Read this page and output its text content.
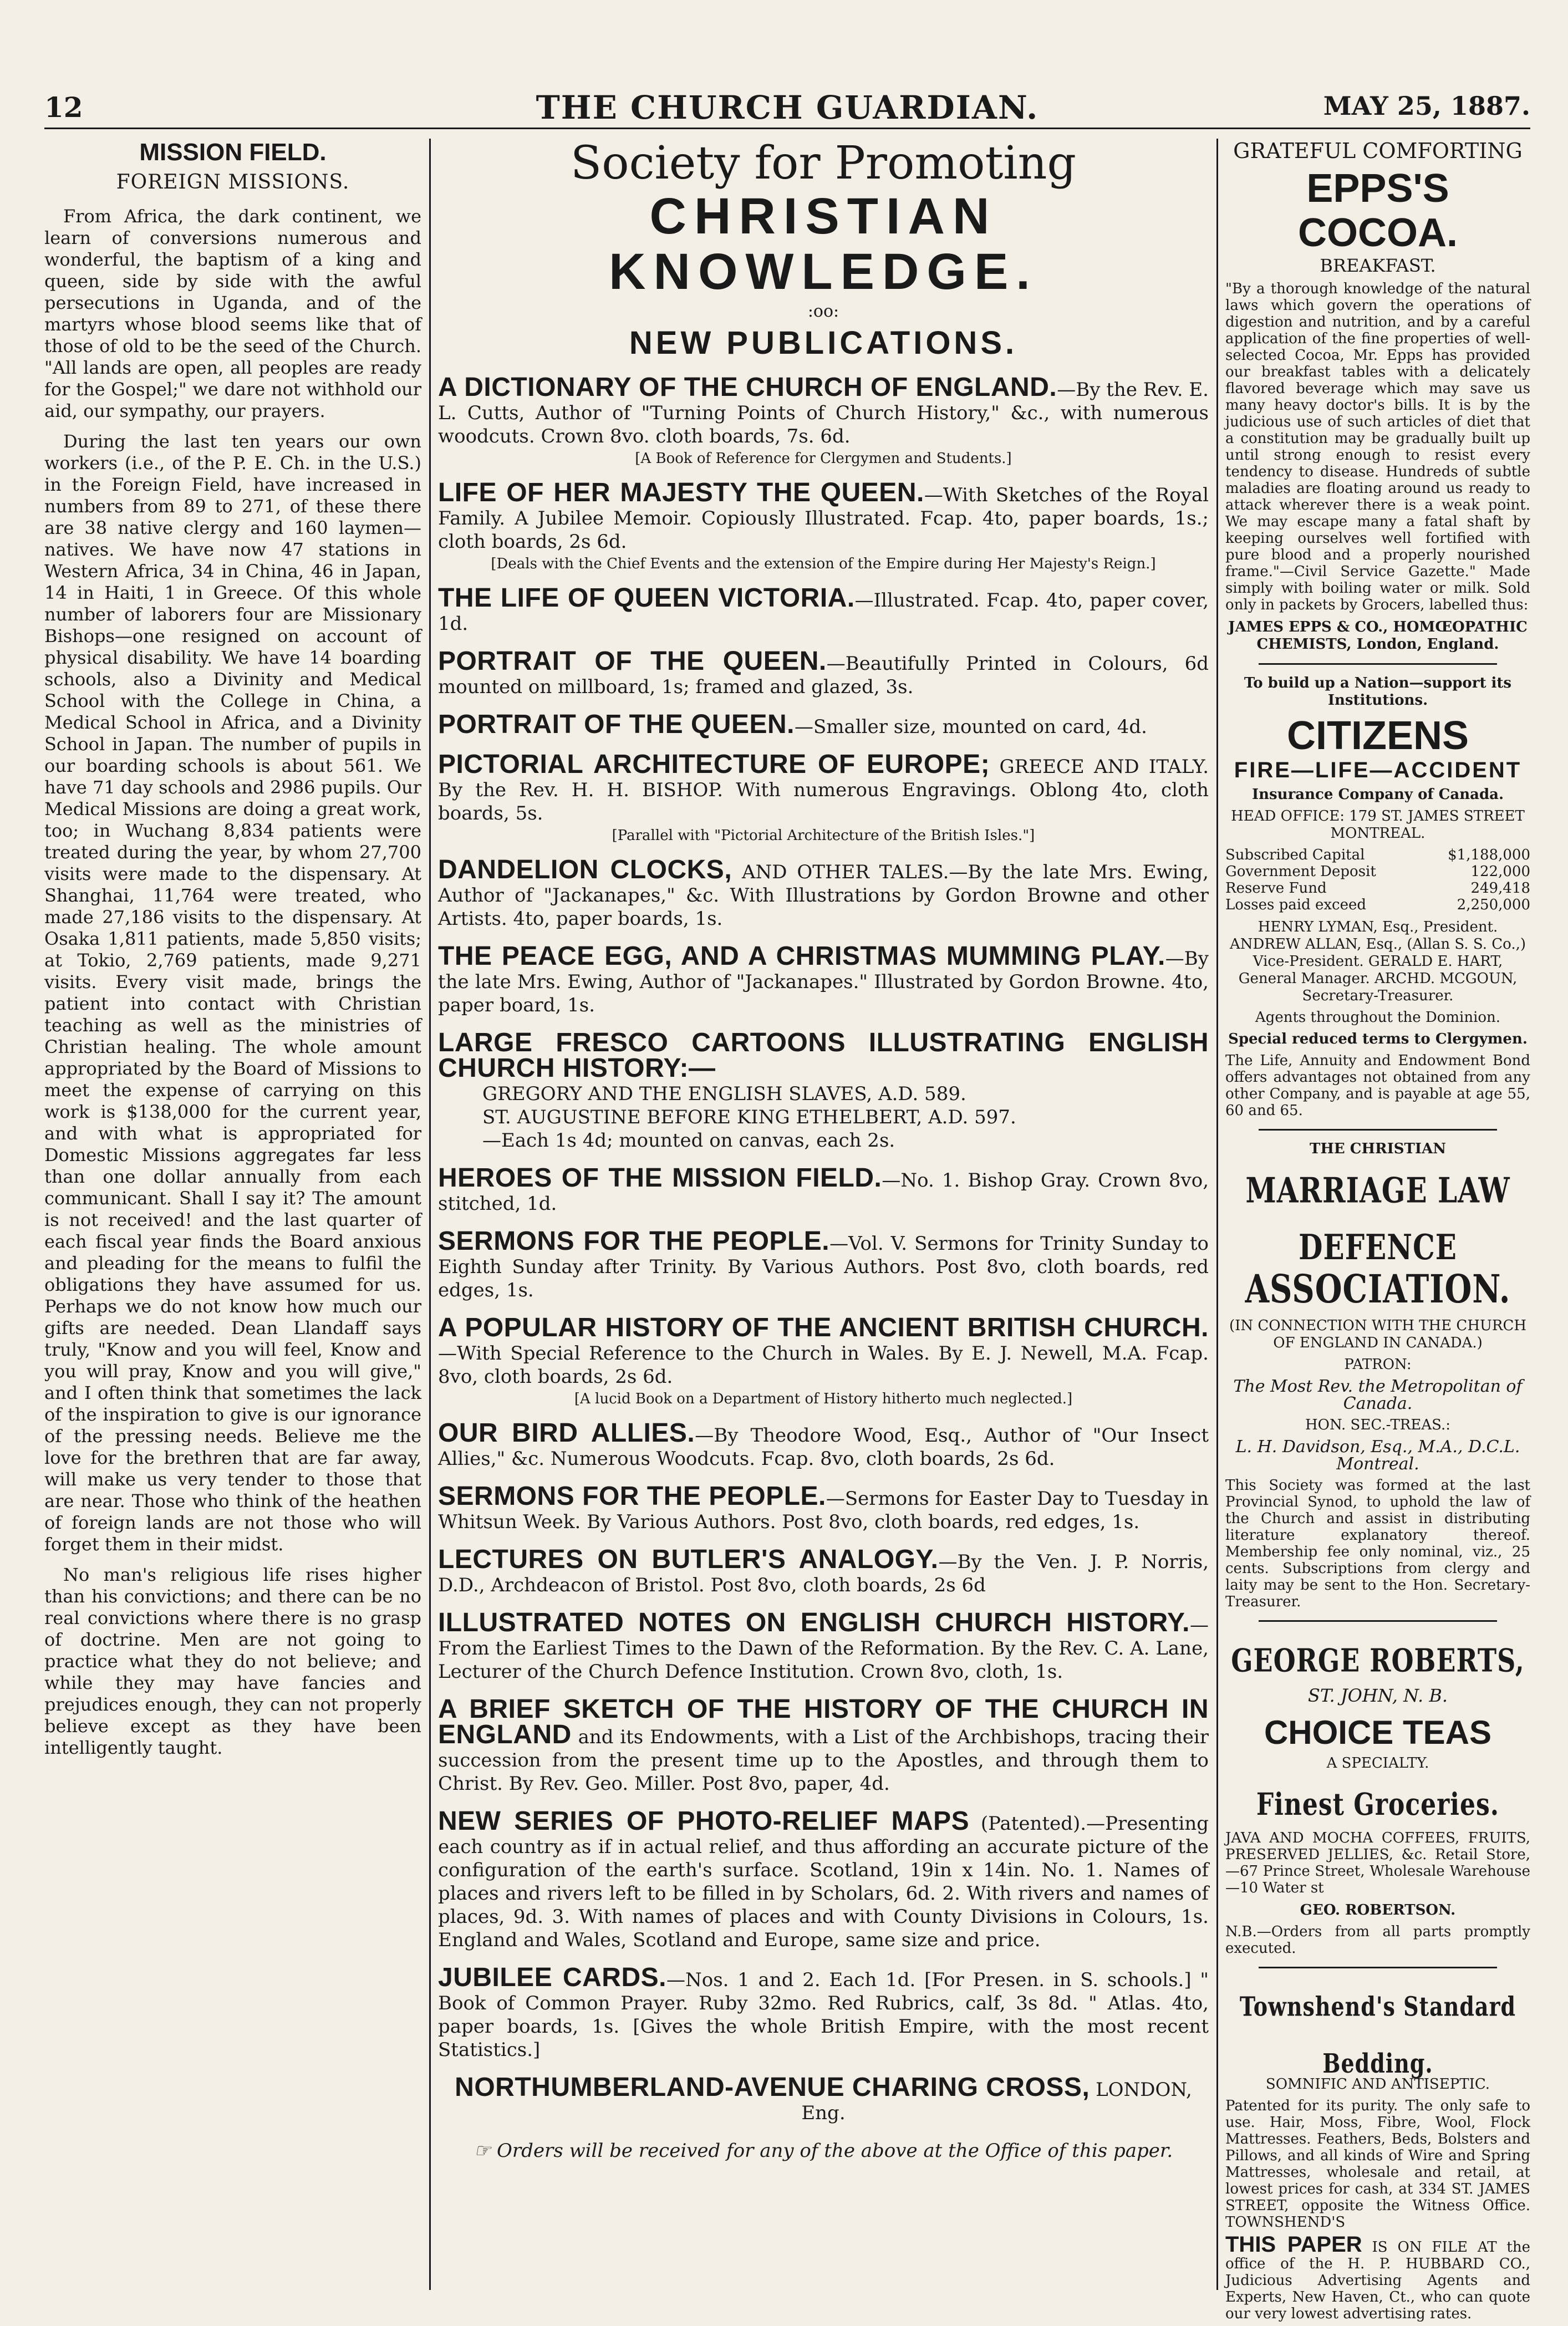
12	THE CHURCH GUARDIAN.	MAY 25, 1887.
MISSION FIELD.
FOREIGN MISSIONS.

From Africa, the dark continent, we learn of conversions numerous and wonderful, the baptism of a king and queen, side by side with the awful persecutions in Uganda, and of the martyrs whose blood seems like that of those of old to be the seed of the Church. "All lands are open, all peoples are ready for the Gospel;" we dare not withhold our aid, our sympathy, our prayers.

During the last ten years our own workers (i.e., of the P. E. Ch. in the U.S.) in the Foreign Field, have increased in numbers from 89 to 271, of these there are 38 native clergy and 160 laymen—natives. We have now 47 stations in Western Africa, 34 in China, 46 in Japan, 14 in Haiti, 1 in Greece. Of this whole number of laborers four are Missionary Bishops—one resigned on account of physical disability. We have 14 boarding schools, also a Divinity and Medical School with the College in China, a Medical School in Africa, and a Divinity School in Japan. The number of pupils in our boarding schools is about 561. We have 71 day schools and 2986 pupils. Our Medical Missions are doing a great work, too; in Wuchang 8,834 patients were treated during the year, by whom 27,700 visits were made to the dispensary. At Shanghai, 11,764 were treated, who made 27,186 visits to the dispensary. At Osaka 1,811 patients, made 5,850 visits; at Tokio, 2,769 patients, made 9,271 visits. Every visit made, brings the patient into contact with Christian teaching as well as the ministries of Christian healing. The whole amount appropriated by the Board of Missions to meet the expense of carrying on this work is $138,000 for the current year, and with what is appropriated for Domestic Missions aggregates far less than one dollar annually from each communicant. Shall I say it? The amount is not received! and the last quarter of each fiscal year finds the Board anxious and pleading for the means to fulfil the obligations they have assumed for us. Perhaps we do not know how much our gifts are needed. Dean Llandaff says truly, "Know and you will feel, Know and you will pray, Know and you will give," and I often think that sometimes the lack of the inspiration to give is our ignorance of the pressing needs. Believe me the love for the brethren that are far away, will make us very tender to those that are near. Those who think of the heathen of foreign lands are not those who will forget them in their midst.

No man's religious life rises higher than his convictions; and there can be no real convictions where there is no grasp of doctrine. Men are not going to practice what they do not believe; and while they may have fancies and prejudices enough, they can not properly believe except as they have been intelligently taught.

Society for Promoting
CHRISTIAN KNOWLEDGE.
:oo:
NEW PUBLICATIONS.
A DICTIONARY OF THE CHURCH OF ENGLAND.—By the Rev. E. L. Cutts, Author of "Turning Points of Church History," &c., with numerous woodcuts. Crown 8vo. cloth boards, 7s. 6d.
[A Book of Reference for Clergymen and Students.]
LIFE OF HER MAJESTY THE QUEEN.—With Sketches of the Royal Family. A Jubilee Memoir. Copiously Illustrated. Fcap. 4to, paper boards, 1s.; cloth boards, 2s 6d.
[Deals with the Chief Events and the extension of the Empire during Her Majesty's Reign.]
THE LIFE OF QUEEN VICTORIA.—Illustrated. Fcap. 4to, paper cover, 1d.
PORTRAIT OF THE QUEEN.—Beautifully Printed in Colours, 6d mounted on millboard, 1s; framed and glazed, 3s.
PORTRAIT OF THE QUEEN.—Smaller size, mounted on card, 4d.
PICTORIAL ARCHITECTURE OF EUROPE; GREECE AND ITALY. By the Rev. H. H. BISHOP. With numerous Engravings. Oblong 4to, cloth boards, 5s.
[Parallel with "Pictorial Architecture of the British Isles."]
DANDELION CLOCKS, AND OTHER TALES.—By the late Mrs. Ewing, Author of "Jackanapes," &c. With Illustrations by Gordon Browne and other Artists. 4to, paper boards, 1s.
THE PEACE EGG, AND A CHRISTMAS MUMMING PLAY.—By the late Mrs. Ewing, Author of "Jackanapes." Illustrated by Gordon Browne. 4to, paper board, 1s.
LARGE FRESCO CARTOONS ILLUSTRATING ENGLISH CHURCH HISTORY:—
GREGORY AND THE ENGLISH SLAVES, A.D. 589.
ST. AUGUSTINE BEFORE KING ETHELBERT, A.D. 597.
—Each 1s 4d; mounted on canvas, each 2s.
HEROES OF THE MISSION FIELD.—No. 1. Bishop Gray. Crown 8vo, stitched, 1d.
SERMONS FOR THE PEOPLE.—Vol. V. Sermons for Trinity Sunday to Eighth Sunday after Trinity. By Various Authors. Post 8vo, cloth boards, red edges, 1s.
A POPULAR HISTORY OF THE ANCIENT BRITISH CHURCH.—With Special Reference to the Church in Wales. By E. J. Newell, M.A. Fcap. 8vo, cloth boards, 2s 6d.
[A lucid Book on a Department of History hitherto much neglected.]
OUR BIRD ALLIES.—By Theodore Wood, Esq., Author of "Our Insect Allies," &c. Numerous Woodcuts. Fcap. 8vo, cloth boards, 2s 6d.
SERMONS FOR THE PEOPLE.—Sermons for Easter Day to Tuesday in Whitsun Week. By Various Authors. Post 8vo, cloth boards, red edges, 1s.
LECTURES ON BUTLER'S ANALOGY.—By the Ven. J. P. Norris, D.D., Archdeacon of Bristol. Post 8vo, cloth boards, 2s 6d
ILLUSTRATED NOTES ON ENGLISH CHURCH HISTORY.—From the Earliest Times to the Dawn of the Reformation. By the Rev. C. A. Lane, Lecturer of the Church Defence Institution. Crown 8vo, cloth, 1s.
A BRIEF SKETCH OF THE HISTORY OF THE CHURCH IN ENGLAND and its Endowments, with a List of the Archbishops, tracing their succession from the present time up to the Apostles, and through them to Christ. By Rev. Geo. Miller. Post 8vo, paper, 4d.
NEW SERIES OF PHOTO-RELIEF MAPS (Patented).—Presenting each country as if in actual relief, and thus affording an accurate picture of the configuration of the earth's surface. Scotland, 19in x 14in. No. 1. Names of places and rivers left to be filled in by Scholars, 6d. 2. With rivers and names of places, 9d. 3. With names of places and with County Divisions in Colours, 1s. England and Wales, Scotland and Europe, same size and price.
JUBILEE CARDS.—Nos. 1 and 2. Each 1d. [For Presen. in S. schools.] " Book of Common Prayer. Ruby 32mo. Red Rubrics, calf, 3s 8d. " Atlas. 4to, paper boards, 1s. [Gives the whole British Empire, with the most recent Statistics.]
NORTHUMBERLAND-AVENUE CHARING CROSS, LONDON, Eng.
☞ Orders will be received for any of the above at the Office of this paper.
GRATEFUL COMFORTING
EPPS'S COCOA.
BREAKFAST.
"By a thorough knowledge of the natural laws which govern the operations of digestion and nutrition, and by a careful application of the fine properties of well-selected Cocoa, Mr. Epps has provided our breakfast tables with a delicately flavored beverage which may save us many heavy doctor's bills. It is by the judicious use of such articles of diet that a constitution may be gradually built up until strong enough to resist every tendency to disease. Hundreds of subtle maladies are floating around us ready to attack wherever there is a weak point. We may escape many a fatal shaft by keeping ourselves well fortified with pure blood and a properly nourished frame."—Civil Service Gazette." Made simply with boiling water or milk. Sold only in packets by Grocers, labelled thus:
JAMES EPPS & CO., HOMŒOPATHIC CHEMISTS, London, England.
To build up a Nation—support its Institutions.
CITIZENS
FIRE—LIFE—ACCIDENT
Insurance Company of Canada.
HEAD OFFICE: 179 ST. JAMES STREET MONTREAL.
Subscribed Capital	$1,188,000
Government Deposit	122,000
Reserve Fund	249,418
Losses paid exceed	2,250,000
HENRY LYMAN, Esq., President. ANDREW ALLAN, Esq., (Allan S. S. Co.,) Vice-President. GERALD E. HART, General Manager. ARCHD. MCGOUN, Secretary-Treasurer.
Agents throughout the Dominion.
Special reduced terms to Clergymen.
The Life, Annuity and Endowment Bond offers advantages not obtained from any other Company, and is payable at age 55, 60 and 65.
THE CHRISTIAN
MARRIAGE LAW DEFENCE
ASSOCIATION.
(IN CONNECTION WITH THE CHURCH OF ENGLAND IN CANADA.)
PATRON:
The Most Rev. the Metropolitan of Canada.
HON. SEC.-TREAS.:
L. H. Davidson, Esq., M.A., D.C.L. Montreal.
This Society was formed at the last Provincial Synod, to uphold the law of the Church and assist in distributing literature explanatory thereof. Membership fee only nominal, viz., 25 cents. Subscriptions from clergy and laity may be sent to the Hon. Secretary-Treasurer.
GEORGE ROBERTS,
ST. JOHN, N. B.
CHOICE TEAS
A SPECIALTY.
Finest Groceries.
JAVA AND MOCHA COFFEES, FRUITS, PRESERVED JELLIES, &c. Retail Store,—67 Prince Street, Wholesale Warehouse—10 Water st
GEO. ROBERTSON.
N.B.—Orders from all parts promptly executed.
Townshend's Standard Bedding.
SOMNIFIC AND ANTISEPTIC.
Patented for its purity. The only safe to use. Hair, Moss, Fibre, Wool, Flock Mattresses. Feathers, Beds, Bolsters and Pillows, and all kinds of Wire and Spring Mattresses, wholesale and retail, at lowest prices for cash, at 334 ST. JAMES STREET, opposite the Witness Office. TOWNSHEND'S
THIS PAPER IS ON FILE AT the office of the H. P. HUBBARD CO., Judicious Advertising Agents and Experts, New Haven, Ct., who can quote our very lowest advertising rates.
